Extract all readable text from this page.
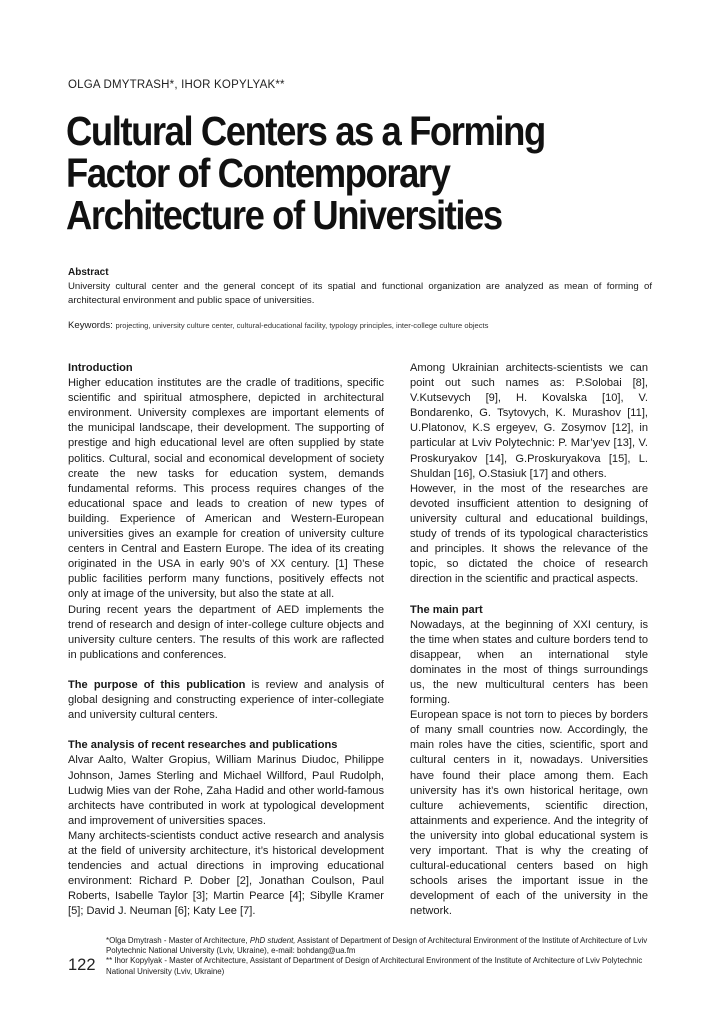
OLGA DMYTRASH*, IHOR KOPYLYAK**
Cultural Centers as a Forming
Factor of Contemporary
Architecture of Universities
Abstract
University cultural center and the general concept of its spatial and functional organization are analyzed as mean of forming of architectural environment and public space of universities.
Keywords: projecting, university culture center, cultural-educational facility, typology principles, inter-college culture objects

Introduction

Higher education institutes are the cradle of traditions, specific scientific and spiritual atmosphere, depicted in architectural environment. University complexes are important elements of the municipal landscape, their development. The supporting of prestige and high educational level are often supplied by state politics. Cultural, social and economical development of society create the new tasks for education system, demands fundamental reforms. This process requires changes of the educational space and leads to creation of new types of building. Experience of American and Western-European universities gives an example for creation of university culture centers in Central and Eastern Europe. The idea of its creating originated in the USA in early 90’s of XX century. [1] These public facilities perform many functions, positively effects not only at image of the university, but also the state at all.

During recent years the department of AED implements the trend of research and design of inter-college culture objects and university culture centers. The results of this work are raflected in publications and conferences.

The purpose of this publication is review and analysis of global designing and constructing experience of inter-collegiate and university cultural centers.

The analysis of recent researches and publications

Alvar Aalto, Walter Gropius, William Marinus Diudoc, Philippe Johnson, James Sterling and Michael Willford, Paul Rudolph, Ludwig Mies van der Rohe, Zaha Hadid and other world-famous architects have contributed in work at typological development and improvement of universities spaces.

Many architects-scientists conduct active research and analysis at the field of university architecture, it’s historical development tendencies and actual directions in improving educational environment: Richard P. Dober [2], Jonathan Coulson, Paul Roberts, Isabelle Taylor [3]; Martin Pearce [4]; Sibylle Kramer [5]; David J. Neuman [6]; Katy Lee [7].

Among Ukrainian architects-scientists we can point out such names as: P.Solobai [8], V.Kutsevych [9], H. Kovalska [10], V. Bondarenko, G. Tsytovych, K. Murashov [11], U.Platonov, K.S ergeyev, G. Zosymov [12], in particular at Lviv Polytechnic: P. Mar’yev [13], V. Proskuryakov [14], G.Proskuryakova [15], L. Shuldan [16], O.Stasiuk [17] and others.

However, in the most of the researches are devoted insufficient attention to designing of university cultural and educational buildings, study of trends of its typological characteristics and principles. It shows the relevance of the topic, so dictated the choice of research direction in the scientific and practical aspects.

The main part

Nowadays, at the beginning of XXI century, is the time when states and culture borders tend to disappear, when an international style dominates in the most of things surroundings us, the new multicultural centers has been forming.

European space is not torn to pieces by borders of many small countries now. Accordingly, the main roles have the cities, scientific, sport and cultural centers in it, nowadays. Universities have found their place among them. Each university has it’s own historical heritage, own culture achievements, scientific direction, attainments and experience. And the integrity of the university into global educational system is very important. That is why the creating of cultural-educational centers based on high schools arises the important issue in the development of each of the university in the network.

*Olga Dmytrash - Master of Architecture, PhD student, Assistant of Department of Design of Architectural Environment of the Institute of Architecture of Lviv Polytechnic National University (Lviv, Ukraine), e-mail: bohdang@ua.fm

** Ihor Kopylyak - Master of Architecture, Assistant of Department of Design of Architectural Environment of the Institute of Architecture of Lviv Polytechnic National University (Lviv, Ukraine)

122
